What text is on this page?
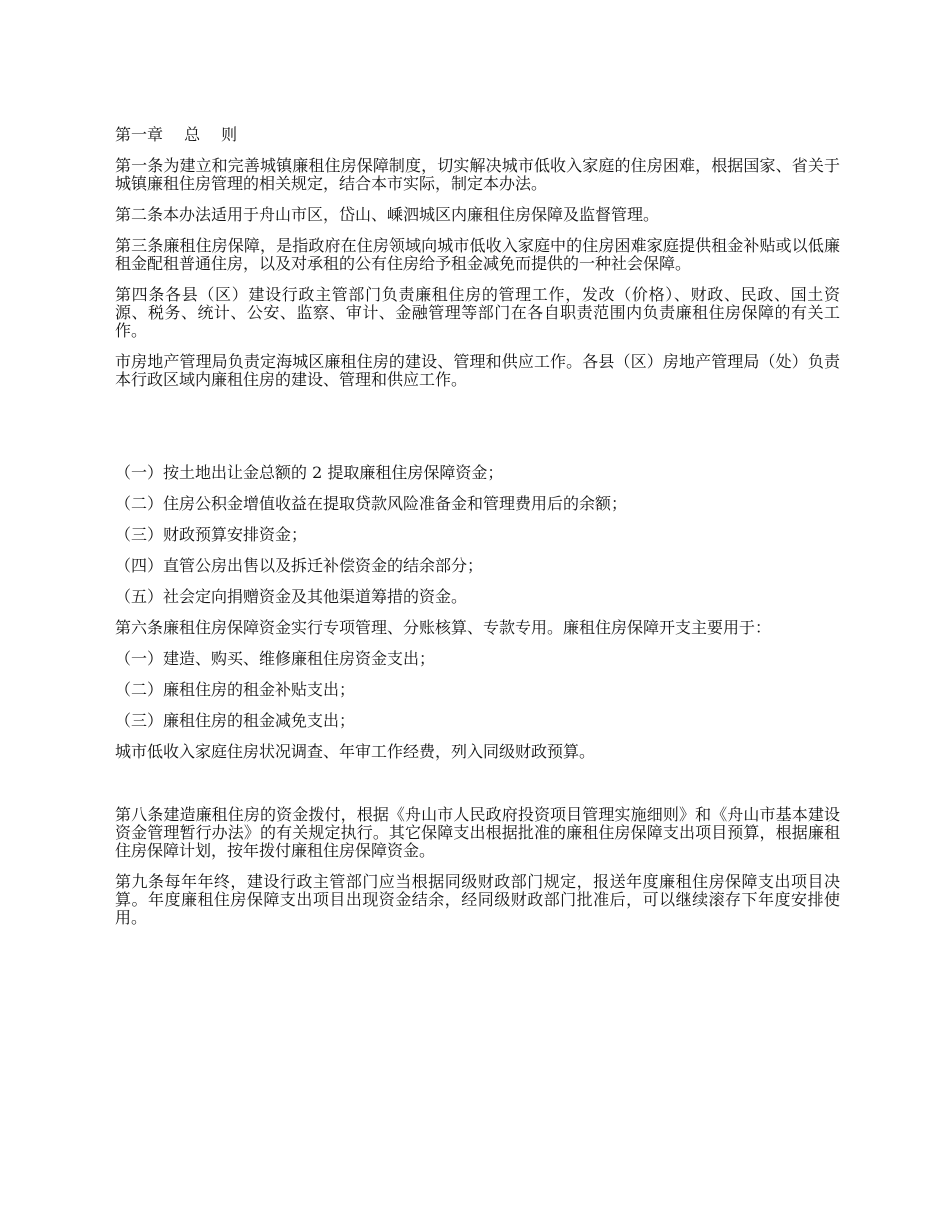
第一章　 总　 则

第一条为建立和完善城镇廉租住房保障制度，切实解决城市低收入家庭的住房困难，根据国家、省关于城镇廉租住房管理的相关规定，结合本市实际，制定本办法。

第二条本办法适用于舟山市区，岱山、嵊泗城区内廉租住房保障及监督管理。

第三条廉租住房保障，是指政府在住房领域向城市低收入家庭中的住房困难家庭提供租金补贴或以低廉租金配租普通住房，以及对承租的公有住房给予租金减免而提供的一种社会保障。

第四条各县（区）建设行政主管部门负责廉租住房的管理工作，发改（价格）、财政、民政、国土资源、税务、统计、公安、监察、审计、金融管理等部门在各自职责范围内负责廉租住房保障的有关工作。

市房地产管理局负责定海城区廉租住房的建设、管理和供应工作。各县（区）房地产管理局（处）负责本行政区域内廉租住房的建设、管理和供应工作。

（一）按土地出让金总额的 2 提取廉租住房保障资金；

（二）住房公积金增值收益在提取贷款风险准备金和管理费用后的余额；

（三）财政预算安排资金；

（四）直管公房出售以及拆迁补偿资金的结余部分；

（五）社会定向捐赠资金及其他渠道筹措的资金。

第六条廉租住房保障资金实行专项管理、分账核算、专款专用。廉租住房保障开支主要用于：

（一）建造、购买、维修廉租住房资金支出；

（二）廉租住房的租金补贴支出；

（三）廉租住房的租金减免支出；

城市低收入家庭住房状况调查、年审工作经费，列入同级财政预算。

第八条建造廉租住房的资金拨付，根据《舟山市人民政府投资项目管理实施细则》和《舟山市基本建设资金管理暂行办法》的有关规定执行。其它保障支出根据批准的廉租住房保障支出项目预算，根据廉租住房保障计划，按年拨付廉租住房保障资金。

第九条每年年终，建设行政主管部门应当根据同级财政部门规定，报送年度廉租住房保障支出项目决算。年度廉租住房保障支出项目出现资金结余，经同级财政部门批准后，可以继续滚存下年度安排使用。
